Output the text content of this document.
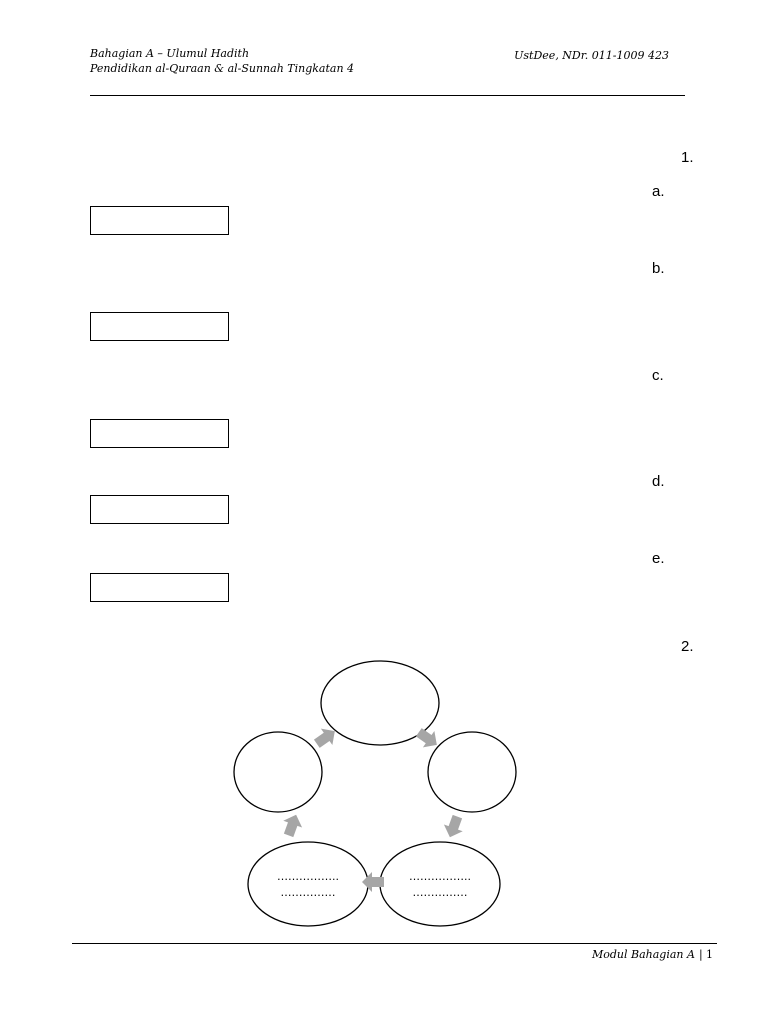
Bahagian A – Ulumul Hadith
Pendidikan al-Quraan & al-Sunnah Tingkatan 4
UstDee, NDr. 011-1009 423
1.
a.
b.
c.
d.
e.
2.
……………..
……………
……………..
……………
Modul Bahagian A | 1
